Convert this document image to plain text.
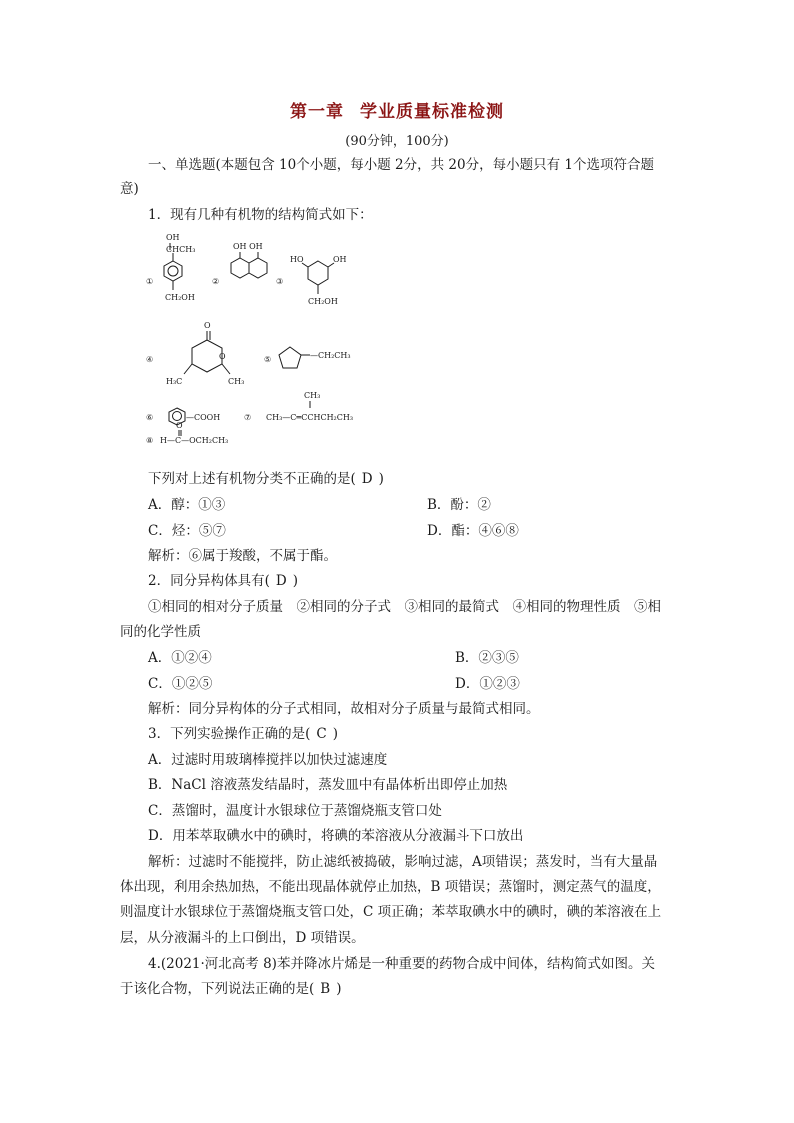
第一章 学业质量标准检测
(90分钟，100分)
一、单选题(本题包含 10个小题，每小题 2分，共 20分，每小题只有 1个选项符合题
意)
1．现有几种有机物的结构简式如下：
①
OH
CHCH₃
CH₂OH
②
OH OH
③
HO	OH
CH₂OH
④
O
O
H₃C	CH₃
⑤	—CH₂CH₃
⑥	—COOH	⑦
CH₃
CH₃—C═CCHCH₂CH₃
O
⑧ H—C—OCH₂CH₃
下列对上述有机物分类不正确的是( D )
A．醇：①③	B．酚：②
C．烃：⑤⑦	D．酯：④⑥⑧
解析：⑥属于羧酸，不属于酯。
2．同分异构体具有( D )
①相同的相对分子质量　②相同的分子式　③相同的最简式　④相同的物理性质　⑤相
同的化学性质
A．①②④	B．②③⑤
C．①②⑤	D．①②③
解析：同分异构体的分子式相同，故相对分子质量与最简式相同。
3．下列实验操作正确的是( C )
A．过滤时用玻璃棒搅拌以加快过滤速度
B．NaCl 溶液蒸发结晶时，蒸发皿中有晶体析出即停止加热
C．蒸馏时，温度计水银球位于蒸馏烧瓶支管口处
D．用苯萃取碘水中的碘时，将碘的苯溶液从分液漏斗下口放出
解析：过滤时不能搅拌，防止滤纸被捣破，影响过滤，A项错误；蒸发时，当有大量晶
体出现，利用余热加热，不能出现晶体就停止加热，B 项错误；蒸馏时，测定蒸气的温度，
则温度计水银球位于蒸馏烧瓶支管口处，C 项正确；苯萃取碘水中的碘时，碘的苯溶液在上
层，从分液漏斗的上口倒出，D 项错误。
4.(2021·河北高考 8)苯并降冰片烯是一种重要的药物合成中间体，结构简式如图。关
于该化合物，下列说法正确的是( B )
